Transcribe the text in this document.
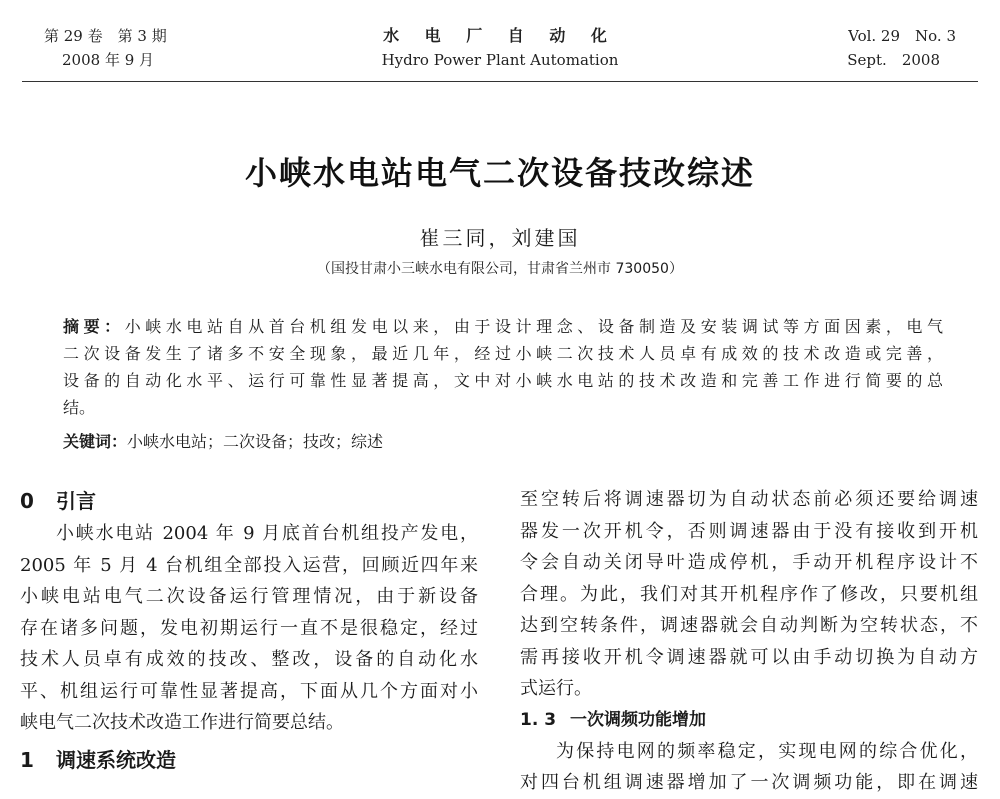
第 29 卷　第 3 期
2008 年 9 月
水 电 厂 自 动 化
Hydro Power Plant Automation
Vol. 29　No. 3
Sept.　2008
小峡水电站电气二次设备技改综述
崔三同，刘建国
（国投甘肃小三峡水电有限公司，甘肃省兰州市 730050）
摘要：小峡水电站自从首台机组发电以来，由于设计理念、设备制造及安装调试等方面因素，电气
二次设备发生了诸多不安全现象，最近几年，经过小峡二次技术人员卓有成效的技术改造或完善，
设备的自动化水平、运行可靠性显著提高，文中对小峡水电站的技术改造和完善工作进行简要的总
结。
关键词：小峡水电站；二次设备；技改；综述
0 引言
小峡水电站 2004 年 9 月底首台机组投产发电，
2005 年 5 月 4 台机组全部投入运营，回顾近四年来
小峡电站电气二次设备运行管理情况，由于新设备
存在诸多问题，发电初期运行一直不是很稳定，经过
技术人员卓有成效的技改、整改，设备的自动化水
平、机组运行可靠性显著提高，下面从几个方面对小
峡电气二次技术改造工作进行简要总结。
1 调速系统改造
至空转后将调速器切为自动状态前必须还要给调速
器发一次开机令，否则调速器由于没有接收到开机
令会自动关闭导叶造成停机，手动开机程序设计不
合理。为此，我们对其开机程序作了修改，只要机组
达到空转条件，调速器就会自动判断为空转状态，不
需再接收开机令调速器就可以由手动切换为自动方
式运行。
1. 3 一次调频功能增加
为保持电网的频率稳定，实现电网的综合优化，
对四台机组调速器增加了一次调频功能，即在调速
